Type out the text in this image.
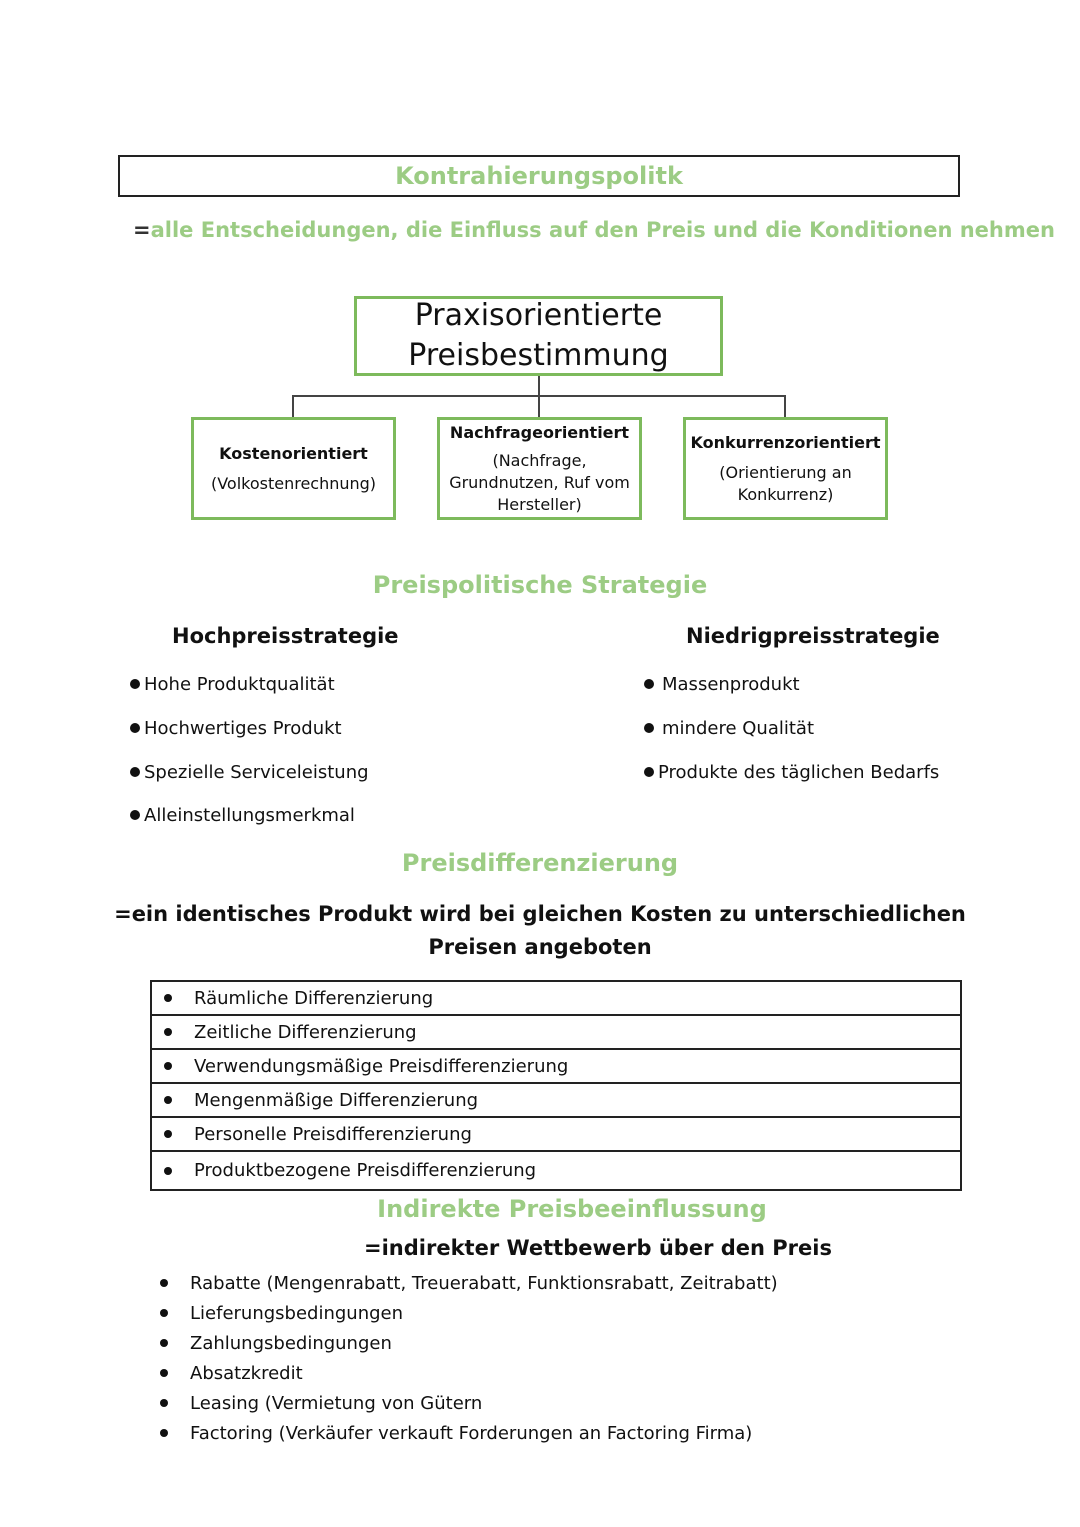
Kontrahierungspolitk
=alle Entscheidungen, die Einfluss auf den Preis und die Konditionen nehmen
Praxisorientierte
Preisbestimmung
Kostenorientiert
(Volkostenrechnung)
Nachfrageorientiert
(Nachfrage, Grundnutzen, Ruf vom Hersteller)
Konkurrenzorientiert
(Orientierung an Konkurrenz)
Preispolitische Strategie
Hochpreisstrategie	Niedrigpreisstrategie
Hohe Produktqualität
Hochwertiges Produkt
Spezielle Serviceleistung
Alleinstellungsmerkmal
Massenprodukt
mindere Qualität
Produkte des täglichen Bedarfs
Preisdifferenzierung
=ein identisches Produkt wird bei gleichen Kosten zu unterschiedlichen
Preisen angeboten
Räumliche Differenzierung
Zeitliche Differenzierung
Verwendungsmäßige Preisdifferenzierung
Mengenmäßige Differenzierung
Personelle Preisdifferenzierung
Produktbezogene Preisdifferenzierung
Indirekte Preisbeeinflussung
=indirekter Wettbewerb über den Preis
Rabatte (Mengenrabatt, Treuerabatt, Funktionsrabatt, Zeitrabatt)
Lieferungsbedingungen
Zahlungsbedingungen
Absatzkredit
Leasing (Vermietung von Gütern
Factoring (Verkäufer verkauft Forderungen an Factoring Firma)
